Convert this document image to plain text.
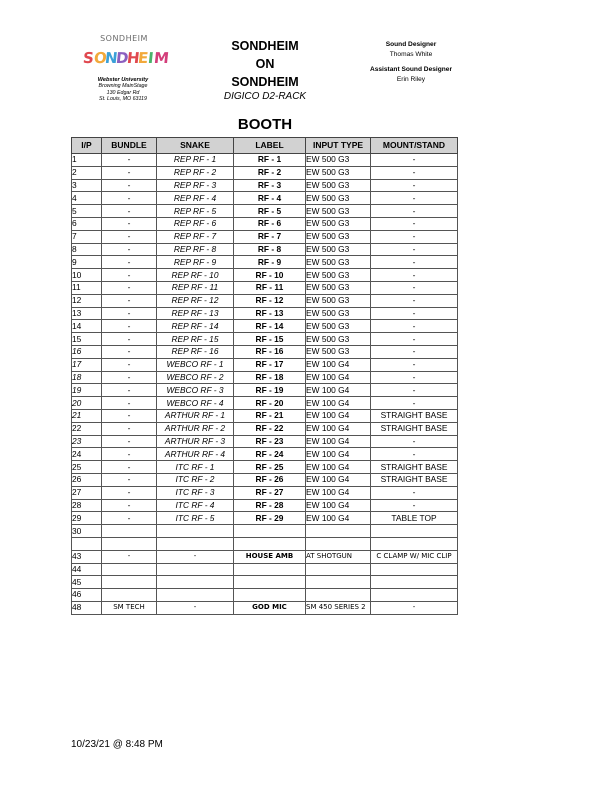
SONDHEIM
S
O
N
D
H
E
I
M
Webster University
Browning MainStage
130 Edgar Rd
St. Louis, MO 63119
SONDHEIM
ON
SONDHEIM
DIGICO D2-RACK
Sound Designer
Thomas White
Assistant Sound Designer
Erin Riley
BOOTH
I/P	BUNDLE	SNAKE	LABEL	INPUT TYPE	MOUNT/STAND
1	-	REP RF - 1	RF - 1	EW 500 G3	-
2	-	REP RF - 2	RF - 2	EW 500 G3	-
3	-	REP RF - 3	RF - 3	EW 500 G3	-
4	-	REP RF - 4	RF - 4	EW 500 G3	-
5	-	REP RF - 5	RF - 5	EW 500 G3	-
6	-	REP RF - 6	RF - 6	EW 500 G3	-
7	-	REP RF - 7	RF - 7	EW 500 G3	-
8	-	REP RF - 8	RF - 8	EW 500 G3	-
9	-	REP RF - 9	RF - 9	EW 500 G3	-
10	-	REP RF - 10	RF - 10	EW 500 G3	-
11	-	REP RF - 11	RF - 11	EW 500 G3	-
12	-	REP RF - 12	RF - 12	EW 500 G3	-
13	-	REP RF - 13	RF - 13	EW 500 G3	-
14	-	REP RF - 14	RF - 14	EW 500 G3	-
15	-	REP RF - 15	RF - 15	EW 500 G3	-
16	-	REP RF - 16	RF - 16	EW 500 G3	-
17	-	WEBCO RF - 1	RF - 17	EW 100 G4	-
18	-	WEBCO RF - 2	RF - 18	EW 100 G4	-
19	-	WEBCO RF - 3	RF - 19	EW 100 G4	-
20	-	WEBCO RF - 4	RF - 20	EW 100 G4	-
21	-	ARTHUR RF - 1	RF - 21	EW 100 G4	STRAIGHT BASE
22	-	ARTHUR RF - 2	RF - 22	EW 100 G4	STRAIGHT BASE
23	-	ARTHUR RF - 3	RF - 23	EW 100 G4	-
24	-	ARTHUR RF - 4	RF - 24	EW 100 G4	-
25	-	ITC RF - 1	RF - 25	EW 100 G4	STRAIGHT BASE
26	-	ITC RF - 2	RF - 26	EW 100 G4	STRAIGHT BASE
27	-	ITC RF - 3	RF - 27	EW 100 G4	-
28	-	ITC RF - 4	RF - 28	EW 100 G4	-
29	-	ITC RF - 5	RF - 29	EW 100 G4	TABLE TOP
30					

43	-	-	HOUSE AMB	AT SHOTGUN	C CLAMP W/ MIC CLIP
44					
45					
46					
48	SM TECH	-	GOD MIC	SM 450 SERIES 2	-
10/23/21 @ 8:48 PM
